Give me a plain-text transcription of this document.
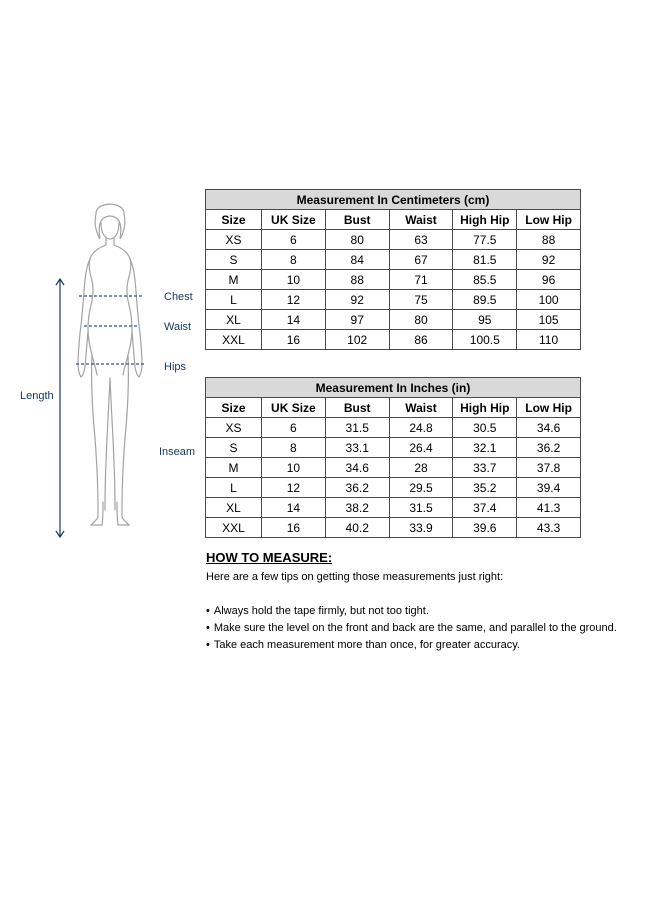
Chest
Waist
Hips
Length
Inseam
Measurement In Centimeters (cm)					
Size	UK Size	Bust	Waist	High Hip	Low Hip
XS	6	80	63	77.5	88
S	8	84	67	81.5	92
M	10	88	71	85.5	96
L	12	92	75	89.5	100
XL	14	97	80	95	105
XXL	16	102	86	100.5	110
Measurement In Inches (in)					
Size	UK Size	Bust	Waist	High Hip	Low Hip
XS	6	31.5	24.8	30.5	34.6
S	8	33.1	26.4	32.1	36.2
M	10	34.6	28	33.7	37.8
L	12	36.2	29.5	35.2	39.4
XL	14	38.2	31.5	37.4	41.3
XXL	16	40.2	33.9	39.6	43.3

HOW TO MEASURE:

Here are a few tips on getting those measurements just right:

• Always hold the tape firmly, but not too tight.
• Make sure the level on the front and back are the same, and parallel to the ground.
• Take each measurement more than once, for greater accuracy.
